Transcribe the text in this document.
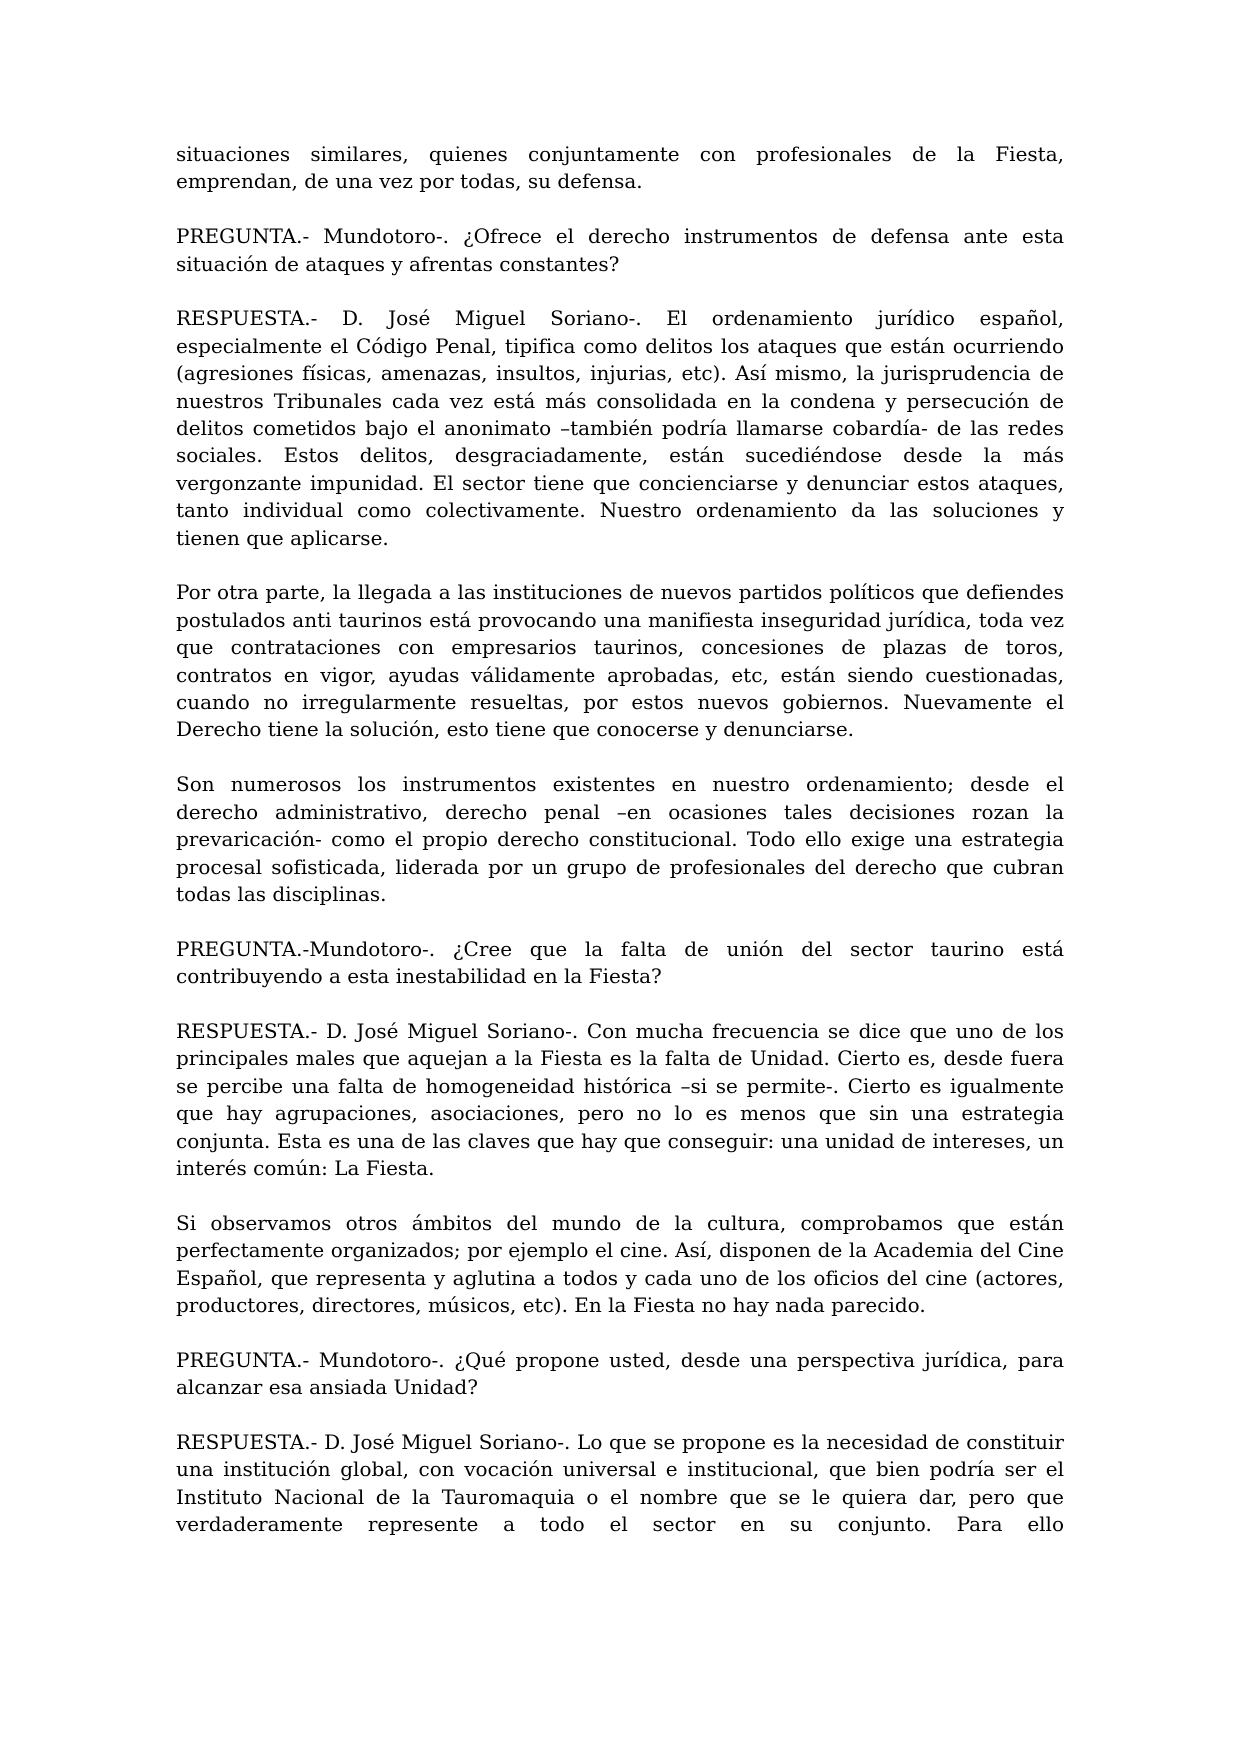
situaciones similares, quienes conjuntamente con profesionales de la Fiesta, emprendan, de una vez por todas, su defensa.

PREGUNTA.- Mundotoro-. ¿Ofrece el derecho instrumentos de defensa ante esta situación de ataques y afrentas constantes?

RESPUESTA.- D. José Miguel Soriano-. El ordenamiento jurídico español, especialmente el Código Penal, tipifica como delitos los ataques que están ocurriendo (agresiones físicas, amenazas, insultos, injurias, etc). Así mismo, la jurisprudencia de nuestros Tribunales cada vez está más consolidada en la condena y persecución de delitos cometidos bajo el anonimato –también podría llamarse cobardía- de las redes sociales. Estos delitos, desgraciadamente, están sucediéndose desde la más vergonzante impunidad. El sector tiene que concienciarse y denunciar estos ataques, tanto individual como colectivamente. Nuestro ordenamiento da las soluciones y tienen que aplicarse.

Por otra parte, la llegada a las instituciones de nuevos partidos políticos que defiendes postulados anti taurinos está provocando una manifiesta inseguridad jurídica, toda vez que contrataciones con empresarios taurinos, concesiones de plazas de toros, contratos en vigor, ayudas válidamente aprobadas, etc, están siendo cuestionadas, cuando no irregularmente resueltas, por estos nuevos gobiernos. Nuevamente el Derecho tiene la solución, esto tiene que conocerse y denunciarse.

Son numerosos los instrumentos existentes en nuestro ordenamiento; desde el derecho administrativo, derecho penal –en ocasiones tales decisiones rozan la prevaricación- como el propio derecho constitucional. Todo ello exige una estrategia procesal sofisticada, liderada por un grupo de profesionales del derecho que cubran todas las disciplinas.

PREGUNTA.-Mundotoro-. ¿Cree que la falta de unión del sector taurino está contribuyendo a esta inestabilidad en la Fiesta?

RESPUESTA.- D. José Miguel Soriano-. Con mucha frecuencia se dice que uno de los principales males que aquejan a la Fiesta es la falta de Unidad. Cierto es, desde fuera se percibe una falta de homogeneidad histórica –si se permite-. Cierto es igualmente que hay agrupaciones, asociaciones, pero no lo es menos que sin una estrategia conjunta. Esta es una de las claves que hay que conseguir: una unidad de intereses, un interés común: La Fiesta.

Si observamos otros ámbitos del mundo de la cultura, comprobamos que están perfectamente organizados; por ejemplo el cine. Así, disponen de la Academia del Cine Español, que representa y aglutina a todos y cada uno de los oficios del cine (actores, productores, directores, músicos, etc). En la Fiesta no hay nada parecido.

PREGUNTA.- Mundotoro-. ¿Qué propone usted, desde una perspectiva jurídica, para alcanzar esa ansiada Unidad?

RESPUESTA.- D. José Miguel Soriano-. Lo que se propone es la necesidad de constituir una institución global, con vocación universal e institucional, que bien podría ser el Instituto Nacional de la Tauromaquia o el nombre que se le quiera dar, pero que verdaderamente represente a todo el sector en su conjunto. Para ello
